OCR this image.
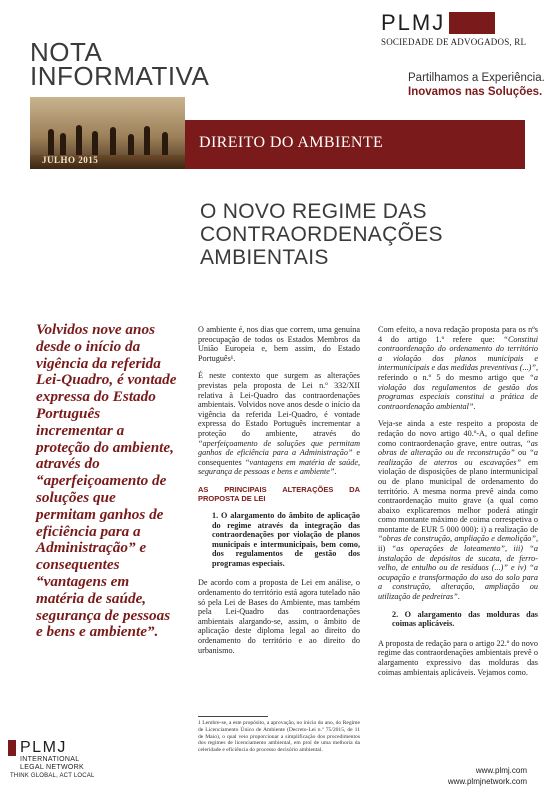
NOTA
INFORMATIVA
PLMJ
SOCIEDADE DE ADVOGADOS, RL
Partilhamos a Experiência.
Inovamos nas Soluções.
JULHO 2015
DIREITO DO AMBIENTE
O NOVO REGIME DAS CONTRAORDENAÇÕES AMBIENTAIS
Volvidos nove anos desde o início da vigência da referida Lei-Quadro, é vontade expressa do Estado Português incrementar a proteção do ambiente, através do “aperfeiçoamento de soluções que permitam ganhos de eficiência para a Administração” e consequentes “vantagens em matéria de saúde, segurança de pessoas e bens e ambiente”.

O ambiente é, nos dias que correm, uma genuína preocupação de todos os Estados Membros da União Europeia e, bem assim, do Estado Português¹.

É neste contexto que surgem as alterações previstas pela proposta de Lei n.º 332/XII relativa à Lei-Quadro das contraordenações ambientais. Volvidos nove anos desde o início da vigência da referida Lei-Quadro, é vontade expressa do Estado Português incrementar a proteção do ambiente, através do “aperfeiçoamento de soluções que permitam ganhos de eficiência para a Administração” e consequentes “vantagens em matéria de saúde, segurança de pessoas e bens e ambiente”.

AS PRINCIPAIS ALTERAÇÕES DA PROPOSTA DE LEI

1. O alargamento do âmbito de aplicação do regime através da integração das contraordenações por violação de planos municipais e intermunicipais, bem como, dos regulamentos de gestão dos programas especiais.

De acordo com a proposta de Lei em análise, o ordenamento do território está agora tutelado não só pela Lei de Bases do Ambiente, mas também pela Lei-Quadro das contraordenações ambientais alargando-se, assim, o âmbito de aplicação deste diploma legal ao direito do ordenamento do território e ao direito do urbanismo.

1 Lembre-se, a este propósito, a aprovação, no início do ano, do Regime de Licenciamento Único de Ambiente (Decreto-Lei n.º 75/2015, de 11 de Maio), o qual veio proporcionar a simplificação dos procedimentos dos regimes de licenciamento ambiental, em prol de uma melhoria da celeridade e eficiência do processo decisório ambiental.

Com efeito, a nova redação proposta para os nºs 4 do artigo 1.º refere que: “Constitui contraordenação do ordenamento do território a violação dos planos municipais e intermunicipais e das medidas preventivas (...)”, referindo o n.º 5 do mesmo artigo que “a violação dos regulamentos de gestão dos programas especiais constitui a prática de contraordenação ambiental”.

Veja-se ainda a este respeito a proposta de redação do novo artigo 40.º-A, o qual define como contraordenação grave, entre outras, “as obras de alteração ou de reconstrução” ou “a realização de aterros ou escavações” em violação de disposições de plano intermunicipal ou de plano municipal de ordenamento do território. A mesma norma prevê ainda como contraordenação muito grave (a qual como abaixo explicaremos melhor poderá atingir como montante máximo de coima correspetiva o montante de EUR 5 000 000): i) a realização de “obras de construção, ampliação e demolição”, ii) “as operações de loteamento”, iii) “a instalação de depósitos de sucata, de ferro-velho, de entulho ou de resíduos (...)” e iv) “a ocupação e transformação do uso do solo para a construção, alteração, ampliação ou utilização de pedreiras”.

2. O alargamento das molduras das coimas aplicáveis.

A proposta de redação para o artigo 22.º do novo regime das contraordenações ambientais prevê o alargamento expressivo das molduras das coimas ambientais aplicáveis. Vejamos como.

PLMJ
INTERNATIONAL
LEGAL NETWORK
THINK GLOBAL, ACT LOCAL
www.plmj.com
www.plmjnetwork.com
